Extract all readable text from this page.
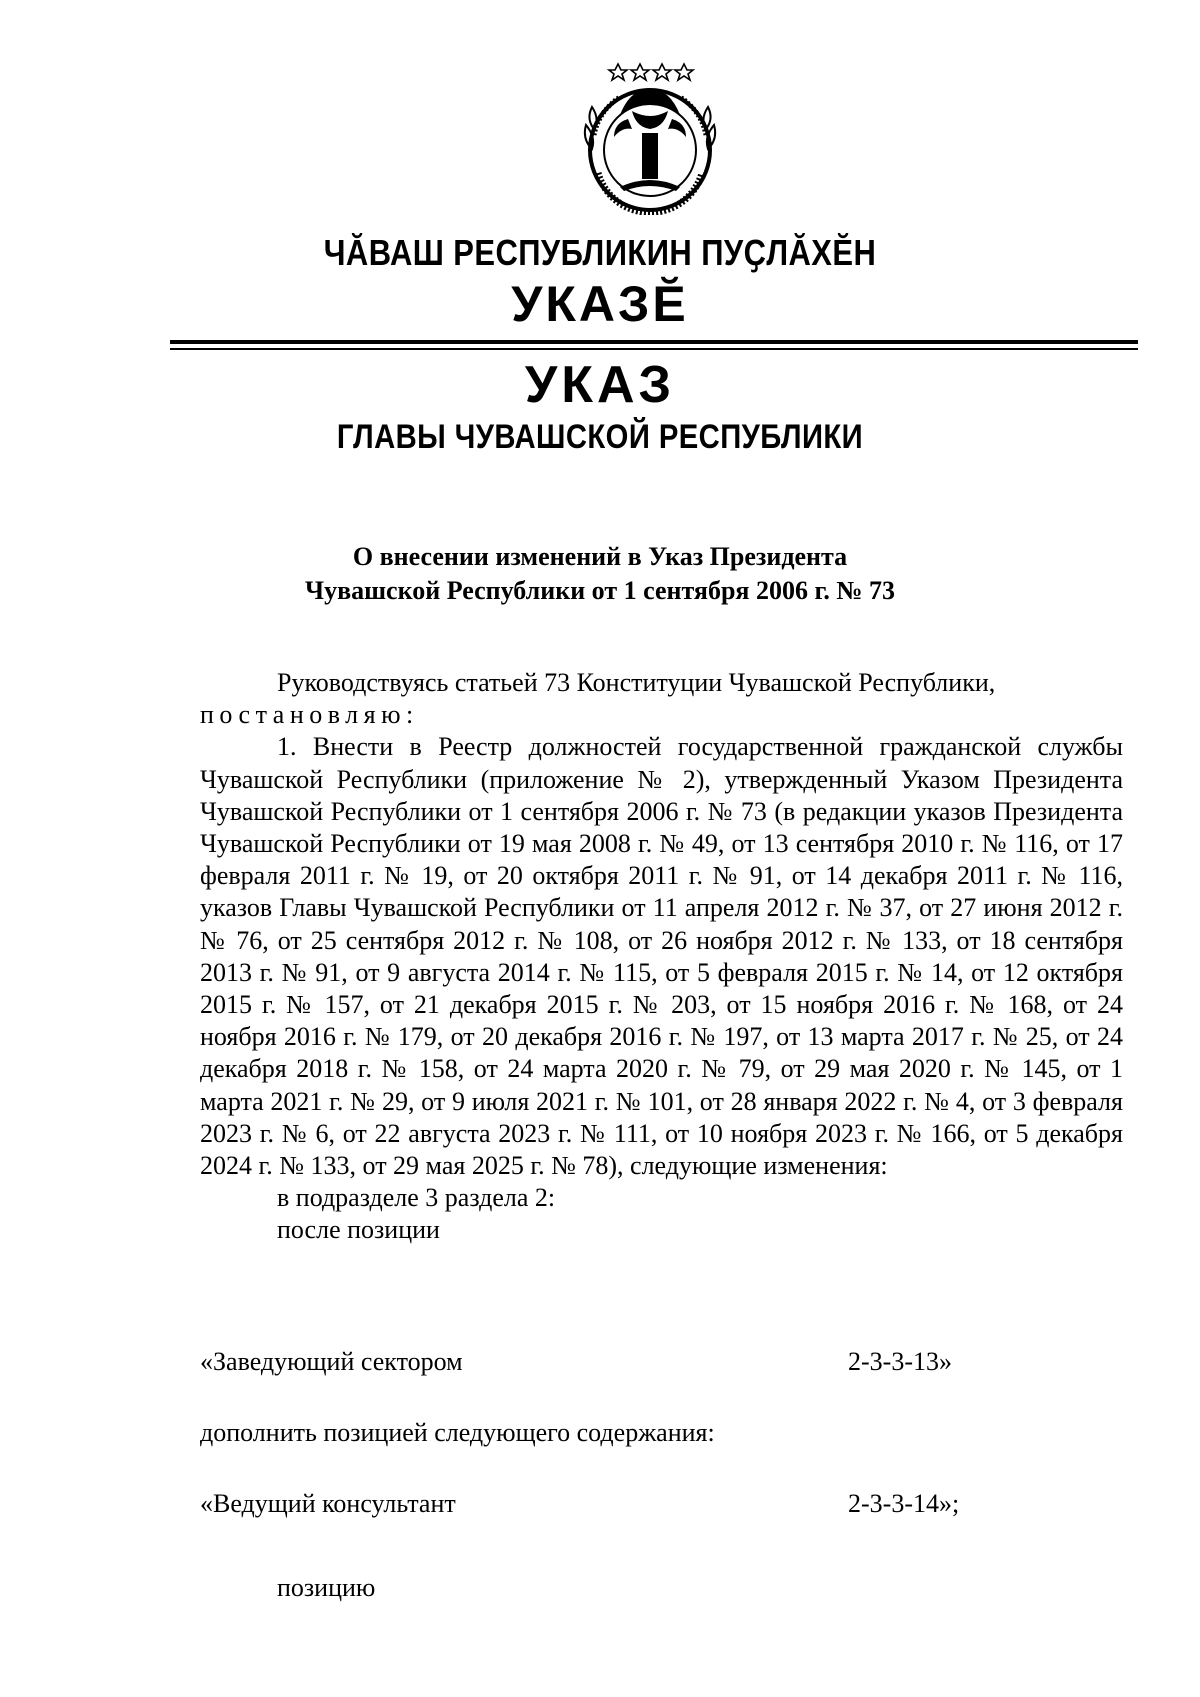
ЧӐВАШ РЕСПУБЛИКИН ПУҪЛӐХӖН
УКАЗӖ
УКАЗ
ГЛАВЫ ЧУВАШСКОЙ РЕСПУБЛИКИ
О внесении изменений в Указ Президента
Чувашской Республики от 1 сентября 2006 г. № 73

Руководствуясь статьей 73 Конституции Чувашской Республики,

постановляю:

1. Внести в Реестр должностей государственной гражданской службы Чувашской Республики (приложение № 2), утвержденный Указом Президента Чувашской Республики от 1 сентября 2006 г. № 73 (в редакции указов Президента Чувашской Республики от 19 мая 2008 г. № 49, от 13 сентября 2010 г. № 116, от 17 февраля 2011 г. № 19, от 20 октября 2011 г. № 91, от 14 декабря 2011 г. № 116, указов Главы Чувашской Республики от 11 апреля 2012 г. № 37, от 27 июня 2012 г. № 76, от 25 сентября 2012 г. № 108, от 26 ноября 2012 г. № 133, от 18 сентября 2013 г. № 91, от 9 августа 2014 г. № 115, от 5 февраля 2015 г. № 14, от 12 октября 2015 г. № 157, от 21 декабря 2015 г. № 203, от 15 ноября 2016 г. № 168, от 24 ноября 2016 г. № 179, от 20 декабря 2016 г. № 197, от 13 марта 2017 г. № 25, от 24 декабря 2018 г. № 158, от 24 марта 2020 г. № 79, от 29 мая 2020 г. № 145, от 1 марта 2021 г. № 29, от 9 июля 2021 г. № 101, от 28 января 2022 г. № 4, от 3 февраля 2023 г. № 6, от 22 августа 2023 г. № 111, от 10 ноября 2023 г. № 166, от 5 декабря 2024 г. № 133, от 29 мая 2025 г. № 78), следующие изменения:

в подразделе 3 раздела 2:

после позиции

«Заведующий сектором	2-3-3-13»
дополнить позицией следующего содержания:
«Ведущий консультант	2-3-3-14»;
позицию
